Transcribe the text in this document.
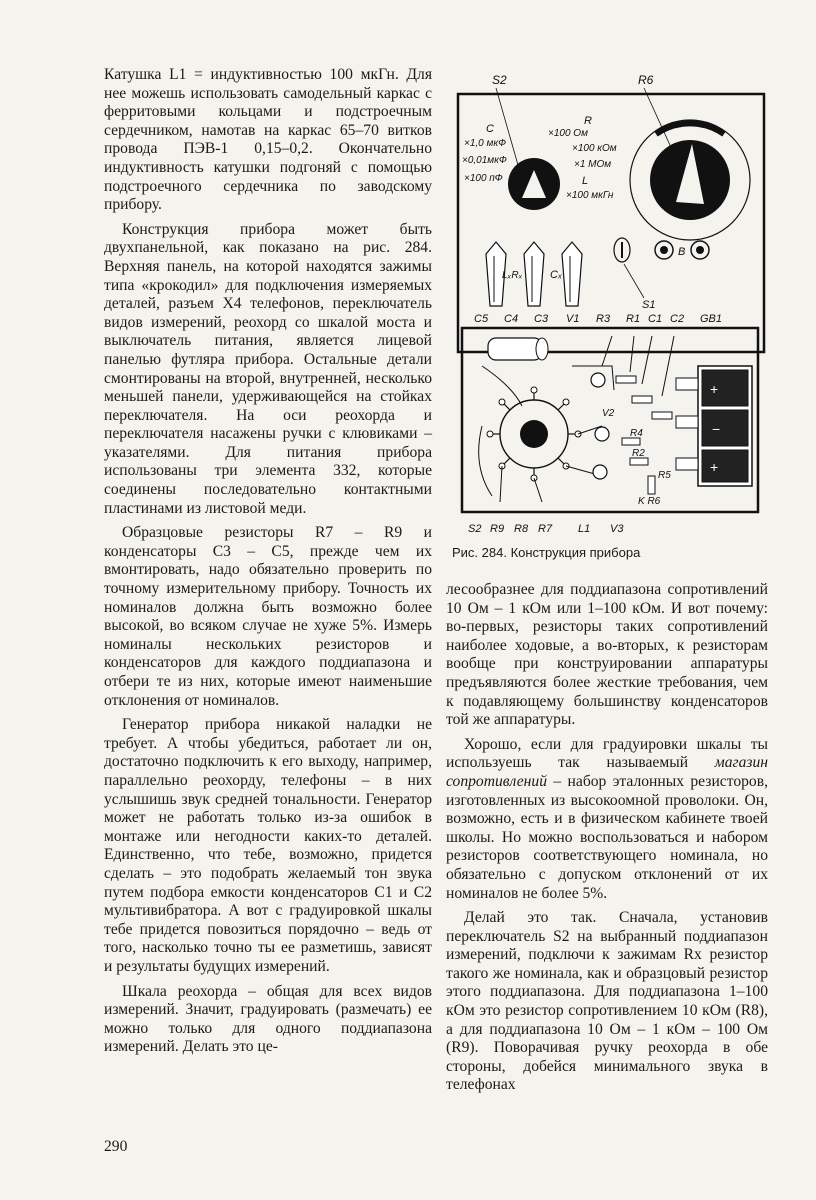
Катушка L1 = индуктивностью 100 мкГн. Для нее можешь использовать самодельный каркас с ферритовыми кольцами и подстроечным сердечником, намотав на каркас 65–70 витков провода ПЭВ-1 0,15–0,2. Окончательно индуктивность катушки подгоняй с помощью подстроечного сердечника по заводскому прибору.

Конструкция прибора может быть двухпанельной, как показано на рис. 284. Верхняя панель, на которой находятся зажимы типа «крокодил» для подключения измеряемых деталей, разъем Х4 телефонов, переключатель видов измерений, реохорд со шкалой моста и выключатель питания, является лицевой панелью футляра прибора. Остальные детали смонтированы на второй, внутренней, несколько меньшей панели, удерживающейся на стойках переключателя. На оси реохорда и переключателя насажены ручки с клювиками – указателями. Для питания прибора использованы три элемента 332, которые соединены последовательно контактными пластинами из листовой меди.

Образцовые резисторы R7 – R9 и конденсаторы С3 – С5, прежде чем их вмонтировать, надо обязательно проверить по точному измерительному прибору. Точность их номиналов должна быть возможно более высокой, во всяком случае не хуже 5%. Измерь номиналы нескольких резисторов и конденсаторов для каждого поддиапазона и отбери те из них, которые имеют наименьшие отклонения от номиналов.

Генератор прибора никакой наладки не требует. А чтобы убедиться, работает ли он, достаточно подключить к его выходу, например, параллельно реохорду, телефоны – в них услышишь звук средней тональности. Генератор может не работать только из-за ошибок в монтаже или негодности каких-то деталей. Единственно, что тебе, возможно, придется сделать – это подобрать желаемый тон звука путем подбора емкости конденсаторов С1 и С2 мультивибратора. А вот с градуировкой шкалы тебе придется повозиться порядочно – ведь от того, насколько точно ты ее разметишь, зависят и результаты будущих измерений.

Шкала реохорда – общая для всех видов измерений. Значит, градуировать (размечать) ее можно только для одного поддиапазона измерений. Делать это це-

S2	R6
C
×1,0 мкФ
×0,01мкФ
×100 пФ
R
×100 Ом
×100 кОм
×1 МОм
L
×100 мкГн
LₓRₓ	Cₓ
S1
B
C5 C4 C3 V1 R3 R1 C1 C2 GB1
V2
R4
R2
R5
K R6
+
−
+
S2 R9 R8 R7 L1 V3
Рис. 284. Конструкция прибора

лесообразнее для поддиапазона сопротивлений 10 Ом – 1 кОм или 1–100 кОм. И вот почему: во-первых, резисторы таких сопротивлений наиболее ходовые, а во-вторых, к резисторам вообще при конструировании аппаратуры предъявляются более жесткие требования, чем к подавляющему большинству конденсаторов той же аппаратуры.

Хорошо, если для градуировки шкалы ты используешь так называемый магазин сопротивлений – набор эталонных резисторов, изготовленных из высокоомной проволоки. Он, возможно, есть и в физическом кабинете твоей школы. Но можно воспользоваться и набором резисторов соответствующего номинала, но обязательно с допуском отклонений от их номиналов не более 5%.

Делай это так. Сначала, установив переключатель S2 на выбранный поддиапазон измерений, подключи к зажимам Rx резистор такого же номинала, как и образцовый резистор этого поддиапазона. Для поддиапазона 1–100 кОм это резистор сопротивлением 10 кОм (R8), а для поддиапазона 10 Ом – 1 кОм – 100 Ом (R9). Поворачивая ручку реохорда в обе стороны, добейся минимального звука в телефонах

290
